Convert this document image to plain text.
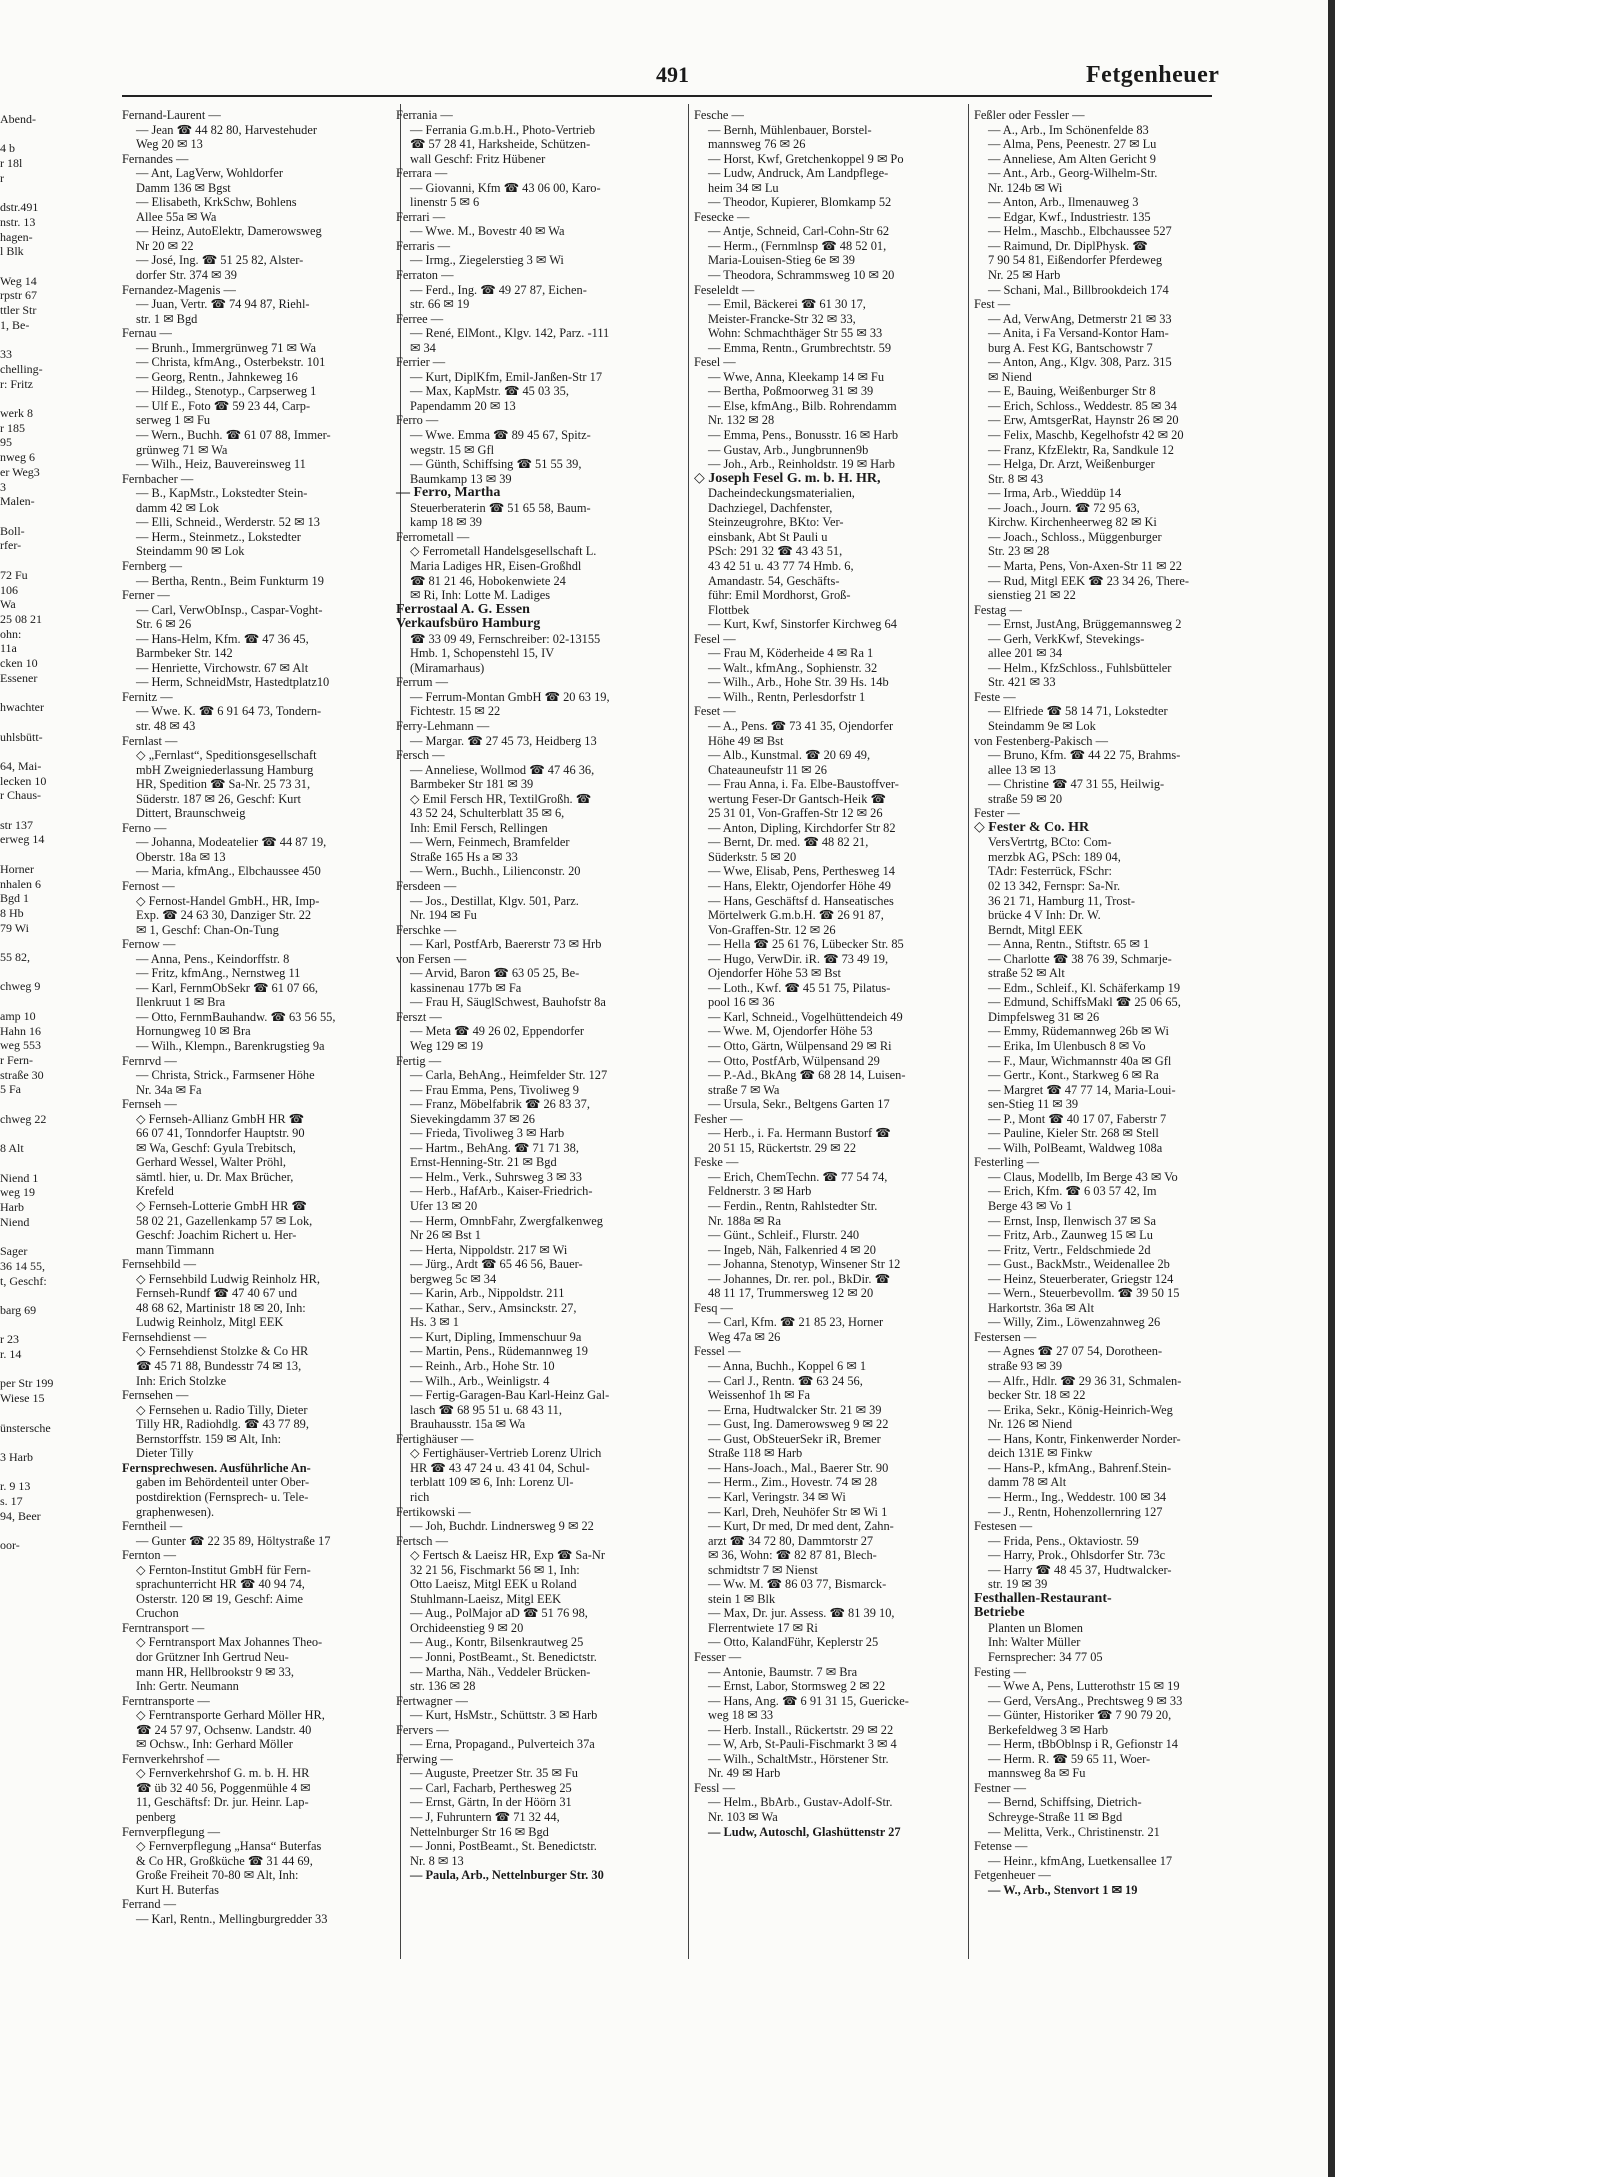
Abend-

4 b
r 18l
r

dstr.491
nstr. 13
hagen-
l Blk

Weg 14
rpstr 67
ttler Str
1, Be-

33
chelling-
r: Fritz

werk 8
r 185
95
nweg 6
er Weg3
3
Malen-

Boll-
rfer-

72 Fu
106
Wa
25 08 21
ohn:
11a
cken 10
Essener

hwachter

uhlsbütt-

64, Mai-
lecken 10
r Chaus-

str 137
erweg 14

Horner
nhalen 6
Bgd 1
8 Hb
79 Wi

55 82,

chweg 9

amp 10
Hahn 16
weg 553
r Fern-
straße 30
5 Fa

chweg 22

8 Alt

Niend 1
weg 19
Harb
Niend

Sager
36 14 55,
t, Geschf:

barg 69

r 23
r. 14

per Str 199
Wiese 15

ünstersche

3 Harb

r. 9 13
s. 17
94, Beer

oor-
491	Fetgenheuer
Fernand-Laurent —
— Jean ☎ 44 82 80, Harvestehuder
Weg 20 ✉ 13
Fernandes —
— Ant, LagVerw, Wohldorfer
Damm 136 ✉ Bgst
— Elisabeth, KrkSchw, Bohlens
Allee 55a ✉ Wa
— Heinz, AutoElektr, Damerowsweg
Nr 20 ✉ 22
— José, Ing. ☎ 51 25 82, Alster-
dorfer Str. 374 ✉ 39
Fernandez-Magenis —
— Juan, Vertr. ☎ 74 94 87, Riehl-
str. 1 ✉ Bgd
Fernau —
— Brunh., Immergrünweg 71 ✉ Wa
— Christa, kfmAng., Osterbekstr. 101
— Georg, Rentn., Jahnkeweg 16
— Hildeg., Stenotyp., Carpserweg 1
— Ulf E., Foto ☎ 59 23 44, Carp-
serweg 1 ✉ Fu
— Wern., Buchh. ☎ 61 07 88, Immer-
grünweg 71 ✉ Wa
— Wilh., Heiz, Bauvereinsweg 11
Fernbacher —
— B., KapMstr., Lokstedter Stein-
damm 42 ✉ Lok
— Elli, Schneid., Werderstr. 52 ✉ 13
— Herm., Steinmetz., Lokstedter
Steindamm 90 ✉ Lok
Fernberg —
— Bertha, Rentn., Beim Funkturm 19
Ferner —
— Carl, VerwObInsp., Caspar-Voght-
Str. 6 ✉ 26
— Hans-Helm, Kfm. ☎ 47 36 45,
Barmbeker Str. 142
— Henriette, Virchowstr. 67 ✉ Alt
— Herm, SchneidMstr, Hastedtplatz10
Fernitz —
— Wwe. K. ☎ 6 91 64 73, Tondern-
str. 48 ✉ 43
Fernlast —
◇ „Fernlast“, Speditionsgesellschaft
mbH Zweigniederlassung Hamburg
HR, Spedition ☎ Sa-Nr. 25 73 31,
Süderstr. 187 ✉ 26, Geschf: Kurt
Dittert, Braunschweig
Ferno —
— Johanna, Modeatelier ☎ 44 87 19,
Oberstr. 18a ✉ 13
— Maria, kfmAng., Elbchaussee 450
Fernost —
◇ Fernost-Handel GmbH., HR, Imp-
Exp. ☎ 24 63 30, Danziger Str. 22
✉ 1, Geschf: Chan-On-Tung
Fernow —
— Anna, Pens., Keindorffstr. 8
— Fritz, kfmAng., Nernstweg 11
— Karl, FernmObSekr ☎ 61 07 66,
Ilenkruut 1 ✉ Bra
— Otto, FernmBauhandw. ☎ 63 56 55,
Hornungweg 10 ✉ Bra
— Wilh., Klempn., Barenkrugstieg 9a
Fernrvd —
— Christa, Strick., Farmsener Höhe
Nr. 34a ✉ Fa
Fernseh —
◇ Fernseh-Allianz GmbH HR ☎
66 07 41, Tonndorfer Hauptstr. 90
✉ Wa, Geschf: Gyula Trebitsch,
Gerhard Wessel, Walter Pröhl,
sämtl. hier, u. Dr. Max Brücher,
Krefeld
◇ Fernseh-Lotterie GmbH HR ☎
58 02 21, Gazellenkamp 57 ✉ Lok,
Geschf: Joachim Richert u. Her-
mann Timmann
Fernsehbild —
◇ Fernsehbild Ludwig Reinholz HR,
Fernseh-Rundf ☎ 47 40 67 und
48 68 62, Martinistr 18 ✉ 20, Inh:
Ludwig Reinholz, Mitgl EEK
Fernsehdienst —
◇ Fernsehdienst Stolzke & Co HR
☎ 45 71 88, Bundesstr 74 ✉ 13,
Inh: Erich Stolzke
Fernsehen —
◇ Fernsehen u. Radio Tilly, Dieter
Tilly HR, Radiohdlg. ☎ 43 77 89,
Bernstorffstr. 159 ✉ Alt, Inh:
Dieter Tilly
Fernsprechwesen. Ausführliche An-
gaben im Behördenteil unter Ober-
postdirektion (Fernsprech- u. Tele-
graphenwesen).
Ferntheil —
— Gunter ☎ 22 35 89, Höltystraße 17
Fernton —
◇ Fernton-Institut GmbH für Fern-
sprachunterricht HR ☎ 40 94 74,
Osterstr. 120 ✉ 19, Geschf: Aime
Cruchon
Ferntransport —
◇ Ferntransport Max Johannes Theo-
dor Grützner Inh Gertrud Neu-
mann HR, Hellbrookstr 9 ✉ 33,
Inh: Gertr. Neumann
Ferntransporte —
◇ Ferntransporte Gerhard Möller HR,
☎ 24 57 97, Ochsenw. Landstr. 40
✉ Ochsw., Inh: Gerhard Möller
Fernverkehrshof —
◇ Fernverkehrshof G. m. b. H. HR
☎ üb 32 40 56, Poggenmühle 4 ✉
11, Geschäftsf: Dr. jur. Heinr. Lap-
penberg
Fernverpflegung —
◇ Fernverpflegung „Hansa“ Buterfas
& Co HR, Großküche ☎ 31 44 69,
Große Freiheit 70-80 ✉ Alt, Inh:
Kurt H. Buterfas
Ferrand —
— Karl, Rentn., Mellingburgredder 33
Ferrania —
— Ferrania G.m.b.H., Photo-Vertrieb
☎ 57 28 41, Harksheide, Schützen-
wall Geschf: Fritz Hübener
Ferrara —
— Giovanni, Kfm ☎ 43 06 00, Karo-
linenstr 5 ✉ 6
Ferrari —
— Wwe. M., Bovestr 40 ✉ Wa
Ferraris —
— Irmg., Ziegelerstieg 3 ✉ Wi
Ferraton —
— Ferd., Ing. ☎ 49 27 87, Eichen-
str. 66 ✉ 19
Ferree —
— René, ElMont., Klgv. 142, Parz. -111
✉ 34
Ferrier —
— Kurt, DiplKfm, Emil-Janßen-Str 17
— Max, KapMstr. ☎ 45 03 35,
Papendamm 20 ✉ 13
Ferro —
— Wwe. Emma ☎ 89 45 67, Spitz-
wegstr. 15 ✉ Gfl
— Günth, Schiffsing ☎ 51 55 39,
Baumkamp 13 ✉ 39
— Ferro, Martha
Steuerberaterin ☎ 51 65 58, Baum-
kamp 18 ✉ 39
Ferrometall —
◇ Ferrometall Handelsgesellschaft L.
Maria Ladiges HR, Eisen-Großhdl
☎ 81 21 46, Hobokenwiete 24
✉ Ri, Inh: Lotte M. Ladiges
Ferrostaal A. G. Essen
Verkaufsbüro Hamburg
☎ 33 09 49, Fernschreiber: 02-13155
Hmb. 1, Schopenstehl 15, IV
(Miramarhaus)
Ferrum —
— Ferrum-Montan GmbH ☎ 20 63 19,
Fichtestr. 15 ✉ 22
Ferry-Lehmann —
— Margar. ☎ 27 45 73, Heidberg 13
Fersch —
— Anneliese, Wollmod ☎ 47 46 36,
Barmbeker Str 181 ✉ 39
◇ Emil Fersch HR, TextilGroßh. ☎
43 52 24, Schulterblatt 35 ✉ 6,
Inh: Emil Fersch, Rellingen
— Wern, Feinmech, Bramfelder
Straße 165 Hs a ✉ 33
— Wern., Buchh., Lilienconstr. 20
Fersdeen —
— Jos., Destillat, Klgv. 501, Parz.
Nr. 194 ✉ Fu
Ferschke —
— Karl, PostfArb, Baererstr 73 ✉ Hrb
von Fersen —
— Arvid, Baron ☎ 63 05 25, Be-
kassinenau 177b ✉ Fa
— Frau H, SäuglSchwest, Bauhofstr 8a
Ferszt —
— Meta ☎ 49 26 02, Eppendorfer
Weg 129 ✉ 19
Fertig —
— Carla, BehAng., Heimfelder Str. 127
— Frau Emma, Pens, Tivoliweg 9
— Franz, Möbelfabrik ☎ 26 83 37,
Sievekingdamm 37 ✉ 26
— Frieda, Tivoliweg 3 ✉ Harb
— Hartm., BehAng. ☎ 71 71 38,
Ernst-Henning-Str. 21 ✉ Bgd
— Helm., Verk., Suhrsweg 3 ✉ 33
— Herb., HafArb., Kaiser-Friedrich-
Ufer 13 ✉ 20
— Herm, OmnbFahr, Zwergfalkenweg
Nr 26 ✉ Bst 1
— Herta, Nippoldstr. 217 ✉ Wi
— Jürg., Ardt ☎ 65 46 56, Bauer-
bergweg 5c ✉ 34
— Karin, Arb., Nippoldstr. 211
— Kathar., Serv., Amsinckstr. 27,
Hs. 3 ✉ 1
— Kurt, Dipling, Immenschuur 9a
— Martin, Pens., Rüdemannweg 19
— Reinh., Arb., Hohe Str. 10
— Wilh., Arb., Weinligstr. 4
— Fertig-Garagen-Bau Karl-Heinz Gal-
lasch ☎ 68 95 51 u. 68 43 11,
Brauhausstr. 15a ✉ Wa
Fertighäuser —
◇ Fertighäuser-Vertrieb Lorenz Ulrich
HR ☎ 43 47 24 u. 43 41 04, Schul-
terblatt 109 ✉ 6, Inh: Lorenz Ul-
rich
Fertikowski —
— Joh, Buchdr. Lindnersweg 9 ✉ 22
Fertsch —
◇ Fertsch & Laeisz HR, Exp ☎ Sa-Nr
32 21 56, Fischmarkt 56 ✉ 1, Inh:
Otto Laeisz, Mitgl EEK u Roland
Stuhlmann-Laeisz, Mitgl EEK
— Aug., PolMajor aD ☎ 51 76 98,
Orchideenstieg 9 ✉ 20
— Aug., Kontr, Bilsenkrautweg 25
— Jonni, PostBeamt., St. Benedictstr.
— Martha, Näh., Veddeler Brücken-
str. 136 ✉ 28
Fertwagner —
— Kurt, HsMstr., Schüttstr. 3 ✉ Harb
Fervers —
— Erna, Propagand., Pulverteich 37a
Ferwing —
— Auguste, Preetzer Str. 35 ✉ Fu
— Carl, Facharb, Perthesweg 25
— Ernst, Gärtn, In der Höörn 31
— J, Fuhruntern ☎ 71 32 44,
Nettelnburger Str 16 ✉ Bgd
— Jonni, PostBeamt., St. Benedictstr.
Nr. 8 ✉ 13
— Paula, Arb., Nettelnburger Str. 30
Fesche —
— Bernh, Mühlenbauer, Borstel-
mannsweg 76 ✉ 26
— Horst, Kwf, Gretchenkoppel 9 ✉ Po
— Ludw, Andruck, Am Landpflege-
heim 34 ✉ Lu
— Theodor, Kupierer, Blomkamp 52
Fesecke —
— Antje, Schneid, Carl-Cohn-Str 62
— Herm., (Fernmlnsp ☎ 48 52 01,
Maria-Louisen-Stieg 6e ✉ 39
— Theodora, Schrammsweg 10 ✉ 20
Feseleldt —
— Emil, Bäckerei ☎ 61 30 17,
Meister-Francke-Str 32 ✉ 33,
Wohn: Schmachthäger Str 55 ✉ 33
— Emma, Rentn., Grumbrechtstr. 59
Fesel —
— Wwe, Anna, Kleekamp 14 ✉ Fu
— Bertha, Poßmoorweg 31 ✉ 39
— Else, kfmAng., Bilb. Rohrendamm
Nr. 132 ✉ 28
— Emma, Pens., Bonusstr. 16 ✉ Harb
— Gustav, Arb., Jungbrunnen9b
— Joh., Arb., Reinholdstr. 19 ✉ Harb
◇ Joseph Fesel G. m. b. H. HR,
Dacheindeckungsmaterialien,
Dachziegel, Dachfenster,
Steinzeugrohre, BKto: Ver-
einsbank, Abt St Pauli u
PSch: 291 32 ☎ 43 43 51,
43 42 51 u. 43 77 74 Hmb. 6,
Amandastr. 54, Geschäfts-
führ: Emil Mordhorst, Groß-
Flottbek
— Kurt, Kwf, Sinstorfer Kirchweg 64
Fesel —
— Frau M, Köderheide 4 ✉ Ra 1
— Walt., kfmAng., Sophienstr. 32
— Wilh., Arb., Hohe Str. 39 Hs. 14b
— Wilh., Rentn, Perlesdorfstr 1
Feset —
— A., Pens. ☎ 73 41 35, Ojendorfer
Höhe 49 ✉ Bst
— Alb., Kunstmal. ☎ 20 69 49,
Chateauneufstr 11 ✉ 26
— Frau Anna, i. Fa. Elbe-Baustoffver-
wertung Feser-Dr Gantsch-Heik ☎
25 31 01, Von-Graffen-Str 12 ✉ 26
— Anton, Dipling, Kirchdorfer Str 82
— Bernt, Dr. med. ☎ 48 82 21,
Süderkstr. 5 ✉ 20
— Wwe, Elisab, Pens, Perthesweg 14
— Hans, Elektr, Ojendorfer Höhe 49
— Hans, Geschäftsf d. Hanseatisches
Mörtelwerk G.m.b.H. ☎ 26 91 87,
Von-Graffen-Str. 12 ✉ 26
— Hella ☎ 25 61 76, Lübecker Str. 85
— Hugo, VerwDir. iR. ☎ 73 49 19,
Ojendorfer Höhe 53 ✉ Bst
— Loth., Kwf. ☎ 45 51 75, Pilatus-
pool 16 ✉ 36
— Karl, Schneid., Vogelhüttendeich 49
— Wwe. M, Ojendorfer Höhe 53
— Otto, Gärtn, Wülpensand 29 ✉ Ri
— Otto, PostfArb, Wülpensand 29
— P.-Ad., BkAng ☎ 68 28 14, Luisen-
straße 7 ✉ Wa
— Ursula, Sekr., Beltgens Garten 17
Fesher —
— Herb., i. Fa. Hermann Bustorf ☎
20 51 15, Rückertstr. 29 ✉ 22
Feske —
— Erich, ChemTechn. ☎ 77 54 74,
Feldnerstr. 3 ✉ Harb
— Ferdin., Rentn, Rahlstedter Str.
Nr. 188a ✉ Ra
— Günt., Schleif., Flurstr. 240
— Ingeb, Näh, Falkenried 4 ✉ 20
— Johanna, Stenotyp, Winsener Str 12
— Johannes, Dr. rer. pol., BkDir. ☎
48 11 17, Trummersweg 12 ✉ 20
Fesq —
— Carl, Kfm. ☎ 21 85 23, Horner
Weg 47a ✉ 26
Fessel —
— Anna, Buchh., Koppel 6 ✉ 1
— Carl J., Rentn. ☎ 63 24 56,
Weissenhof 1h ✉ Fa
— Erna, Hudtwalcker Str. 21 ✉ 39
— Gust, Ing. Damerowsweg 9 ✉ 22
— Gust, ObSteuerSekr iR, Bremer
Straße 118 ✉ Harb
— Hans-Joach., Mal., Baerer Str. 90
— Herm., Zim., Hovestr. 74 ✉ 28
— Karl, Veringstr. 34 ✉ Wi
— Karl, Dreh, Neuhöfer Str ✉ Wi 1
— Kurt, Dr med, Dr med dent, Zahn-
arzt ☎ 34 72 80, Dammtorstr 27
✉ 36, Wohn: ☎ 82 87 81, Blech-
schmidtstr 7 ✉ Nienst
— Ww. M. ☎ 86 03 77, Bismarck-
stein 1 ✉ Blk
— Max, Dr. jur. Assess. ☎ 81 39 10,
Flerrentwiete 17 ✉ Ri
— Otto, KalandFühr, Keplerstr 25
Fesser —
— Antonie, Baumstr. 7 ✉ Bra
— Ernst, Labor, Stormsweg 2 ✉ 22
— Hans, Ang. ☎ 6 91 31 15, Guericke-
weg 18 ✉ 33
— Herb. Install., Rückertstr. 29 ✉ 22
— W, Arb, St-Pauli-Fischmarkt 3 ✉ 4
— Wilh., SchaltMstr., Hörstener Str.
Nr. 49 ✉ Harb
Fessl —
— Helm., BbArb., Gustav-Adolf-Str.
Nr. 103 ✉ Wa
— Ludw, Autoschl, Glashüttenstr 27
Feßler oder Fessler —
— A., Arb., Im Schönenfelde 83
— Alma, Pens, Peenestr. 27 ✉ Lu
— Anneliese, Am Alten Gericht 9
— Ant., Arb., Georg-Wilhelm-Str.
Nr. 124b ✉ Wi
— Anton, Arb., Ilmenauweg 3
— Edgar, Kwf., Industriestr. 135
— Helm., Maschb., Elbchaussee 527
— Raimund, Dr. DiplPhysk. ☎
7 90 54 81, Eißendorfer Pferdeweg
Nr. 25 ✉ Harb
— Schani, Mal., Billbrookdeich 174
Fest —
— Ad, VerwAng, Detmerstr 21 ✉ 33
— Anita, i Fa Versand-Kontor Ham-
burg A. Fest KG, Bantschowstr 7
— Anton, Ang., Klgv. 308, Parz. 315
✉ Niend
— E, Bauing, Weißenburger Str 8
— Erich, Schloss., Weddestr. 85 ✉ 34
— Erw, AmtsgerRat, Haynstr 26 ✉ 20
— Felix, Maschb, Kegelhofstr 42 ✉ 20
— Franz, KfzElektr, Ra, Sandkule 12
— Helga, Dr. Arzt, Weißenburger
Str. 8 ✉ 43
— Irma, Arb., Wieddüp 14
— Joach., Journ. ☎ 72 95 63,
Kirchw. Kirchenheerweg 82 ✉ Ki
— Joach., Schloss., Müggenburger
Str. 23 ✉ 28
— Marta, Pens, Von-Axen-Str 11 ✉ 22
— Rud, Mitgl EEK ☎ 23 34 26, There-
sienstieg 21 ✉ 22
Festag —
— Ernst, JustAng, Brüggemannsweg 2
— Gerh, VerkKwf, Stevekings-
allee 201 ✉ 34
— Helm., KfzSchloss., Fuhlsbütteler
Str. 421 ✉ 33
Feste —
— Elfriede ☎ 58 14 71, Lokstedter
Steindamm 9e ✉ Lok
von Festenberg-Pakisch —
— Bruno, Kfm. ☎ 44 22 75, Brahms-
allee 13 ✉ 13
— Christine ☎ 47 31 55, Heilwig-
straße 59 ✉ 20
Fester —
◇ Fester & Co. HR
VersVertrtg, BCto: Com-
merzbk AG, PSch: 189 04,
TAdr: Festerrück, FSchr:
02 13 342, Fernspr: Sa-Nr.
36 21 71, Hamburg 11, Trost-
brücke 4 V Inh: Dr. W.
Berndt, Mitgl EEK
— Anna, Rentn., Stiftstr. 65 ✉ 1
— Charlotte ☎ 38 76 39, Schmarje-
straße 52 ✉ Alt
— Edm., Schleif., Kl. Schäferkamp 19
— Edmund, SchiffsMakl ☎ 25 06 65,
Dimpfelsweg 31 ✉ 26
— Emmy, Rüdemannweg 26b ✉ Wi
— Erika, Im Ulenbusch 8 ✉ Vo
— F., Maur, Wichmannstr 40a ✉ Gfl
— Gertr., Kont., Starkweg 6 ✉ Ra
— Margret ☎ 47 77 14, Maria-Loui-
sen-Stieg 11 ✉ 39
— P., Mont ☎ 40 17 07, Faberstr 7
— Pauline, Kieler Str. 268 ✉ Stell
— Wilh, PolBeamt, Waldweg 108a
Festerling —
— Claus, Modellb, Im Berge 43 ✉ Vo
— Erich, Kfm. ☎ 6 03 57 42, Im
Berge 43 ✉ Vo 1
— Ernst, Insp, Ilenwisch 37 ✉ Sa
— Fritz, Arb., Zaunweg 15 ✉ Lu
— Fritz, Vertr., Feldschmiede 2d
— Gust., BackMstr., Weidenallee 2b
— Heinz, Steuerberater, Griegstr 124
— Wern., Steuerbevollm. ☎ 39 50 15
Harkortstr. 36a ✉ Alt
— Willy, Zim., Löwenzahnweg 26
Festersen —
— Agnes ☎ 27 07 54, Dorotheen-
straße 93 ✉ 39
— Alfr., Hdlr. ☎ 29 36 31, Schmalen-
becker Str. 18 ✉ 22
— Erika, Sekr., König-Heinrich-Weg
Nr. 126 ✉ Niend
— Hans, Kontr, Finkenwerder Norder-
deich 131E ✉ Finkw
— Hans-P., kfmAng., Bahrenf.Stein-
damm 78 ✉ Alt
— Herm., Ing., Weddestr. 100 ✉ 34
— J., Rentn, Hohenzollernring 127
Festesen —
— Frida, Pens., Oktaviostr. 59
— Harry, Prok., Ohlsdorfer Str. 73c
— Harry ☎ 48 45 37, Hudtwalcker-
str. 19 ✉ 39
Festhallen-Restaurant-
Betriebe
Planten un Blomen
Inh: Walter Müller
Fernsprecher: 34 77 05
Festing —
— Wwe A, Pens, Lutterothstr 15 ✉ 19
— Gerd, VersAng., Prechtsweg 9 ✉ 33
— Günter, Historiker ☎ 7 90 79 20,
Berkefeldweg 3 ✉ Harb
— Herm, tBbOblnsp i R, Gefionstr 14
— Herm. R. ☎ 59 65 11, Woer-
mannsweg 8a ✉ Fu
Festner —
— Bernd, Schiffsing, Dietrich-
Schreyge-Straße 11 ✉ Bgd
— Melitta, Verk., Christinenstr. 21
Fetense —
— Heinr., kfmAng, Luetkensallee 17
Fetgenheuer —
— W., Arb., Stenvort 1 ✉ 19
